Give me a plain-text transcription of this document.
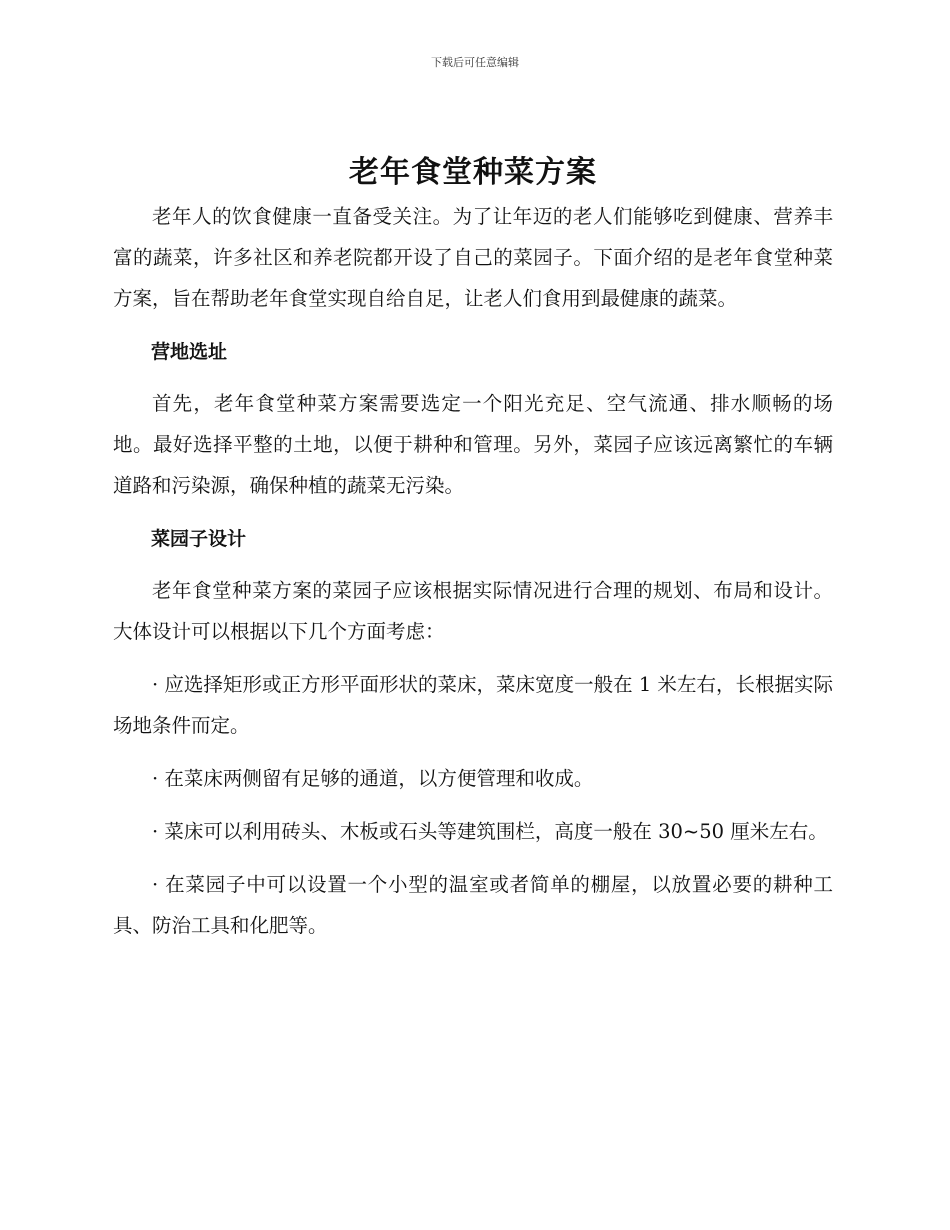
下载后可任意编辑
老年食堂种菜方案

老年人的饮食健康一直备受关注。为了让年迈的老人们能够吃到健康、营养丰富的蔬菜，许多社区和养老院都开设了自己的菜园子。下面介绍的是老年食堂种菜方案，旨在帮助老年食堂实现自给自足，让老人们食用到最健康的蔬菜。

营地选址

首先，老年食堂种菜方案需要选定一个阳光充足、空气流通、排水顺畅的场地。最好选择平整的土地，以便于耕种和管理。另外，菜园子应该远离繁忙的车辆道路和污染源，确保种植的蔬菜无污染。

菜园子设计

老年食堂种菜方案的菜园子应该根据实际情况进行合理的规划、布局和设计。大体设计可以根据以下几个方面考虑：

· 应选择矩形或正方形平面形状的菜床，菜床宽度一般在 1 米左右，长根据实际场地条件而定。

· 在菜床两侧留有足够的通道，以方便管理和收成。

· 菜床可以利用砖头、木板或石头等建筑围栏，高度一般在 30~50 厘米左右。

· 在菜园子中可以设置一个小型的温室或者简单的棚屋，以放置必要的耕种工具、防治工具和化肥等。
